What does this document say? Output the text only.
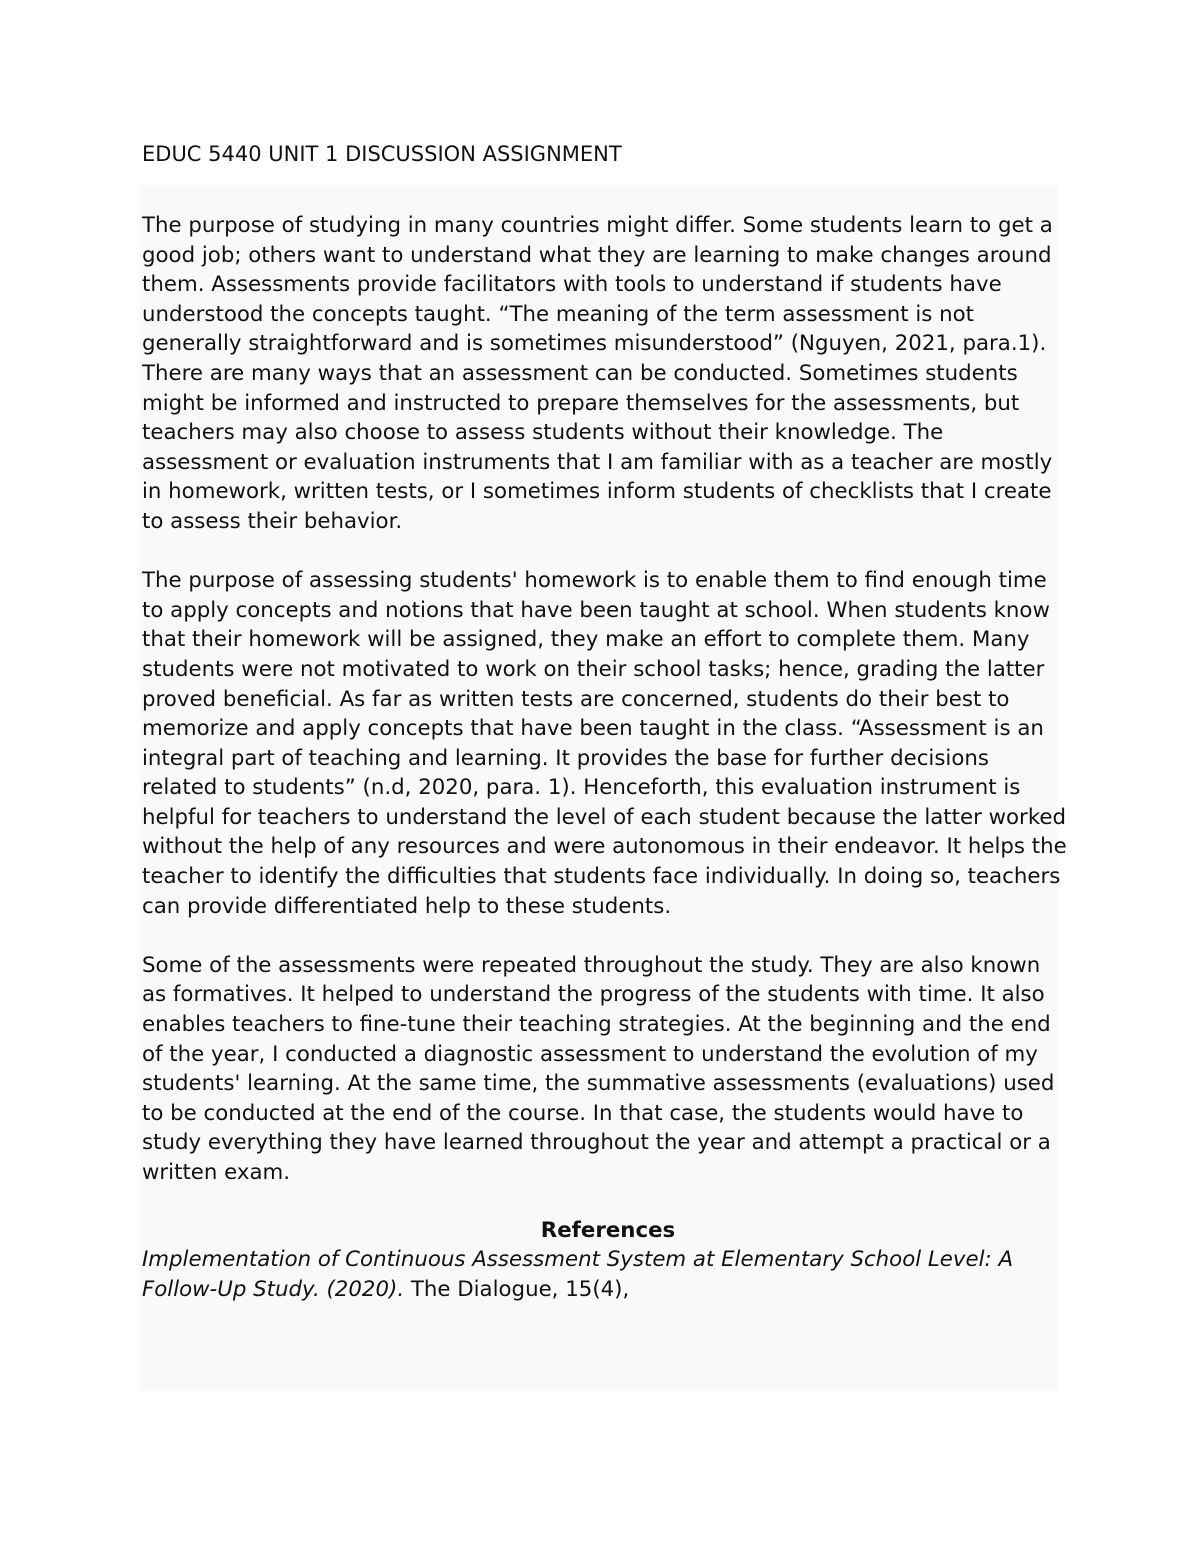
EDUC 5440 UNIT 1 DISCUSSION ASSIGNMENT

The purpose of studying in many countries might differ. Some students learn to get a good job; others want to understand what they are learning to make changes around them. Assessments provide facilitators with tools to understand if students have understood the concepts taught. “The meaning of the term assessment is not generally straightforward and is sometimes misunderstood” (Nguyen, 2021, para.1). There are many ways that an assessment can be conducted. Sometimes students might be informed and instructed to prepare themselves for the assessments, but teachers may also choose to assess students without their knowledge. The assessment or evaluation instruments that I am familiar with as a teacher are mostly in homework, written tests, or I sometimes inform students of checklists that I create to assess their behavior.

The purpose of assessing students' homework is to enable them to find enough time to apply concepts and notions that have been taught at school. When students know that their homework will be assigned, they make an effort to complete them. Many students were not motivated to work on their school tasks; hence, grading the latter proved beneficial. As far as written tests are concerned, students do their best to memorize and apply concepts that have been taught in the class. “Assessment is an integral part of teaching and learning. It provides the base for further decisions related to students” (n.d, 2020, para. 1). Henceforth, this evaluation instrument is helpful for teachers to understand the level of each student because the latter worked without the help of any resources and were autonomous in their endeavor. It helps the teacher to identify the difficulties that students face individually. In doing so, teachers can provide differentiated help to these students.

Some of the assessments were repeated throughout the study. They are also known as formatives. It helped to understand the progress of the students with time. It also enables teachers to fine-tune their teaching strategies. At the beginning and the end of the year, I conducted a diagnostic assessment to understand the evolution of my students' learning. At the same time, the summative assessments (evaluations) used to be conducted at the end of the course. In that case, the students would have to study everything they have learned throughout the year and attempt a practical or a written exam.

References

Implementation of Continuous Assessment System at Elementary School Level: A Follow-Up Study. (2020). The Dialogue, 15(4),
